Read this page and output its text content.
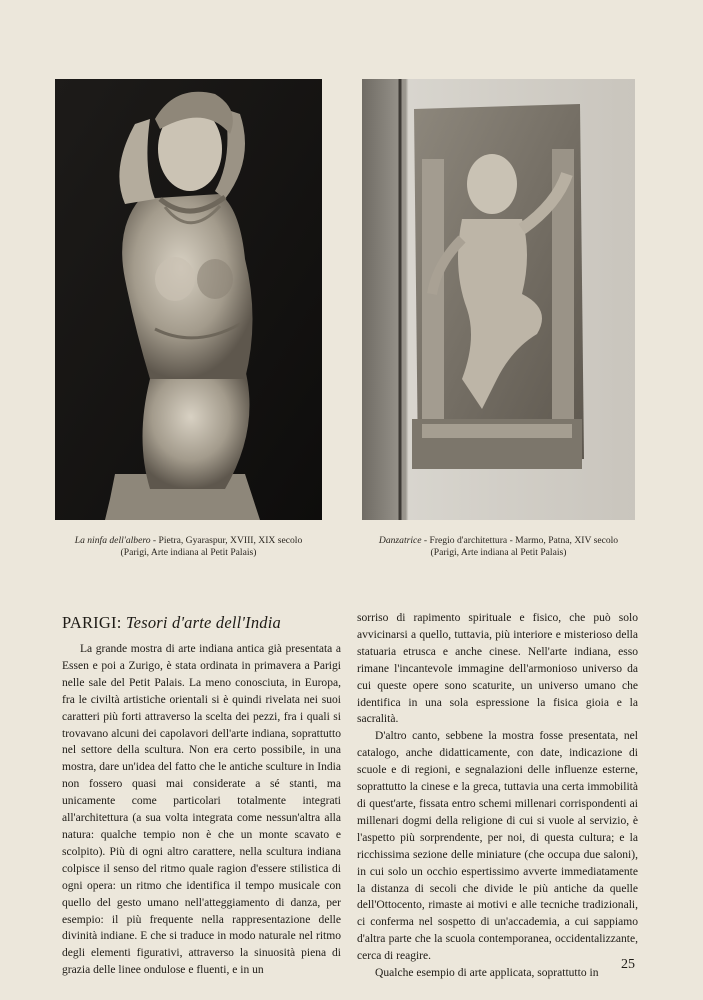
La ninfa dell'albero - Pietra, Gyaraspur, XVIII, XIX secolo
(Parigi, Arte indiana al Petit Palais)
Danzatrice - Fregio d'architettura - Marmo, Patna, XIV secolo
(Parigi, Arte indiana al Petit Palais)
PARIGI: Tesori d'arte dell'India

La grande mostra di arte indiana antica già presentata a Essen e poi a Zurigo, è stata ordinata in primavera a Parigi nelle sale del Petit Palais. La meno conosciuta, in Europa, fra le civiltà artistiche orientali si è quindi rivelata nei suoi caratteri più forti attraverso la scelta dei pezzi, fra i quali si trovavano alcuni dei capolavori dell'arte indiana, soprattutto nel settore della scultura. Non era certo possibile, in una mostra, dare un'idea del fatto che le antiche sculture in India non fossero quasi mai considerate a sé stanti, ma unicamente come particolari totalmente integrati all'architettura (a sua volta integrata come nessun'altra alla natura: qualche tempio non è che un monte scavato e scolpito). Più di ogni altro carattere, nella scultura indiana colpisce il senso del ritmo quale ragion d'essere stilistica di ogni opera: un ritmo che identifica il tempo musicale con quello del gesto umano nell'atteggiamento di danza, per esempio: il più frequente nella rappresentazione delle divinità indiane. E che si traduce in modo naturale nel ritmo degli elementi figurativi, attraverso la sinuosità piena di grazia delle linee ondulose e fluenti, e in un

sorriso di rapimento spirituale e fisico, che può solo avvicinarsi a quello, tuttavia, più interiore e misterioso della statuaria etrusca e anche cinese. Nell'arte indiana, esso rimane l'incantevole immagine dell'armonioso universo da cui queste opere sono scaturite, un universo umano che identifica in una sola espressione la fisica gioia e la sacralità.

D'altro canto, sebbene la mostra fosse presentata, nel catalogo, anche didatticamente, con date, indicazione di scuole e di regioni, e segnalazioni delle influenze esterne, soprattutto la cinese e la greca, tuttavia una certa immobilità di quest'arte, fissata entro schemi millenari corrispondenti ai millenari dogmi della religione di cui si vuole al servizio, è l'aspetto più sorprendente, per noi, di questa cultura; e la ricchissima sezione delle miniature (che occupa due saloni), in cui solo un occhio espertissimo avverte immediatamente la distanza di secoli che divide le più antiche da quelle dell'Ottocento, rimaste ai motivi e alle tecniche tradizionali, ci conferma nel sospetto di un'accademia, a cui sappiamo d'altra parte che la scuola contemporanea, occidentalizzante, cerca di reagire.

Qualche esempio di arte applicata, soprattutto in

25
